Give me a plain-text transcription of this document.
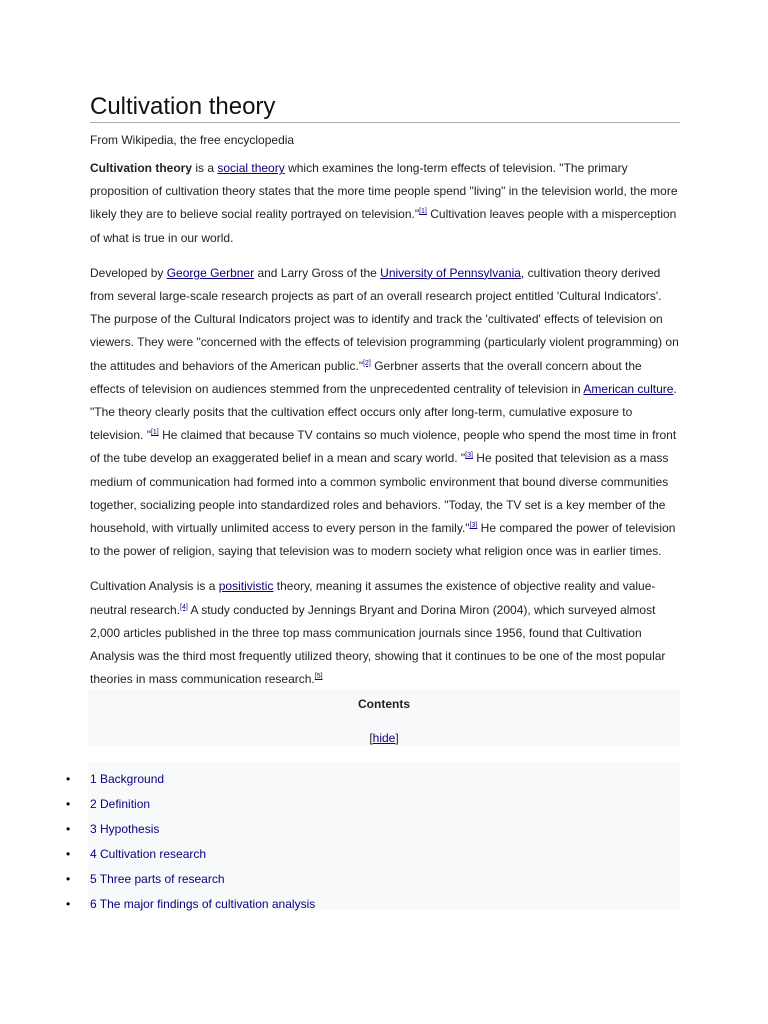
Cultivation theory
From Wikipedia, the free encyclopedia

Cultivation theory is a social theory which examines the long-term effects of television. "The primary proposition of cultivation theory states that the more time people spend "living" in the television world, the more likely they are to believe social reality portrayed on television."[1] Cultivation leaves people with a misperception of what is true in our world.

Developed by George Gerbner and Larry Gross of the University of Pennsylvania, cultivation theory derived from several large-scale research projects as part of an overall research project entitled 'Cultural Indicators'. The purpose of the Cultural Indicators project was to identify and track the 'cultivated' effects of television on viewers. They were "concerned with the effects of television programming (particularly violent programming) on the attitudes and behaviors of the American public."[2] Gerbner asserts that the overall concern about the effects of television on audiences stemmed from the unprecedented centrality of television in American culture. "The theory clearly posits that the cultivation effect occurs only after long-term, cumulative exposure to television. "[1] He claimed that because TV contains so much violence, people who spend the most time in front of the tube develop an exaggerated belief in a mean and scary world. "[3] He posited that television as a mass medium of communication had formed into a common symbolic environment that bound diverse communities together, socializing people into standardized roles and behaviors. "Today, the TV set is a key member of the household, with virtually unlimited access to every person in the family."[3] He compared the power of television to the power of religion, saying that television was to modern society what religion once was in earlier times.

Cultivation Analysis is a positivistic theory, meaning it assumes the existence of objective reality and value-neutral research.[4] A study conducted by Jennings Bryant and Dorina Miron (2004), which surveyed almost 2,000 articles published in the three top mass communication journals since 1956, found that Cultivation Analysis was the third most frequently utilized theory, showing that it continues to be one of the most popular theories in mass communication research.[5]

Contents
[hide]
• 1 Background
• 2 Definition
• 3 Hypothesis
• 4 Cultivation research
• 5 Three parts of research
• 6 The major findings of cultivation analysis
